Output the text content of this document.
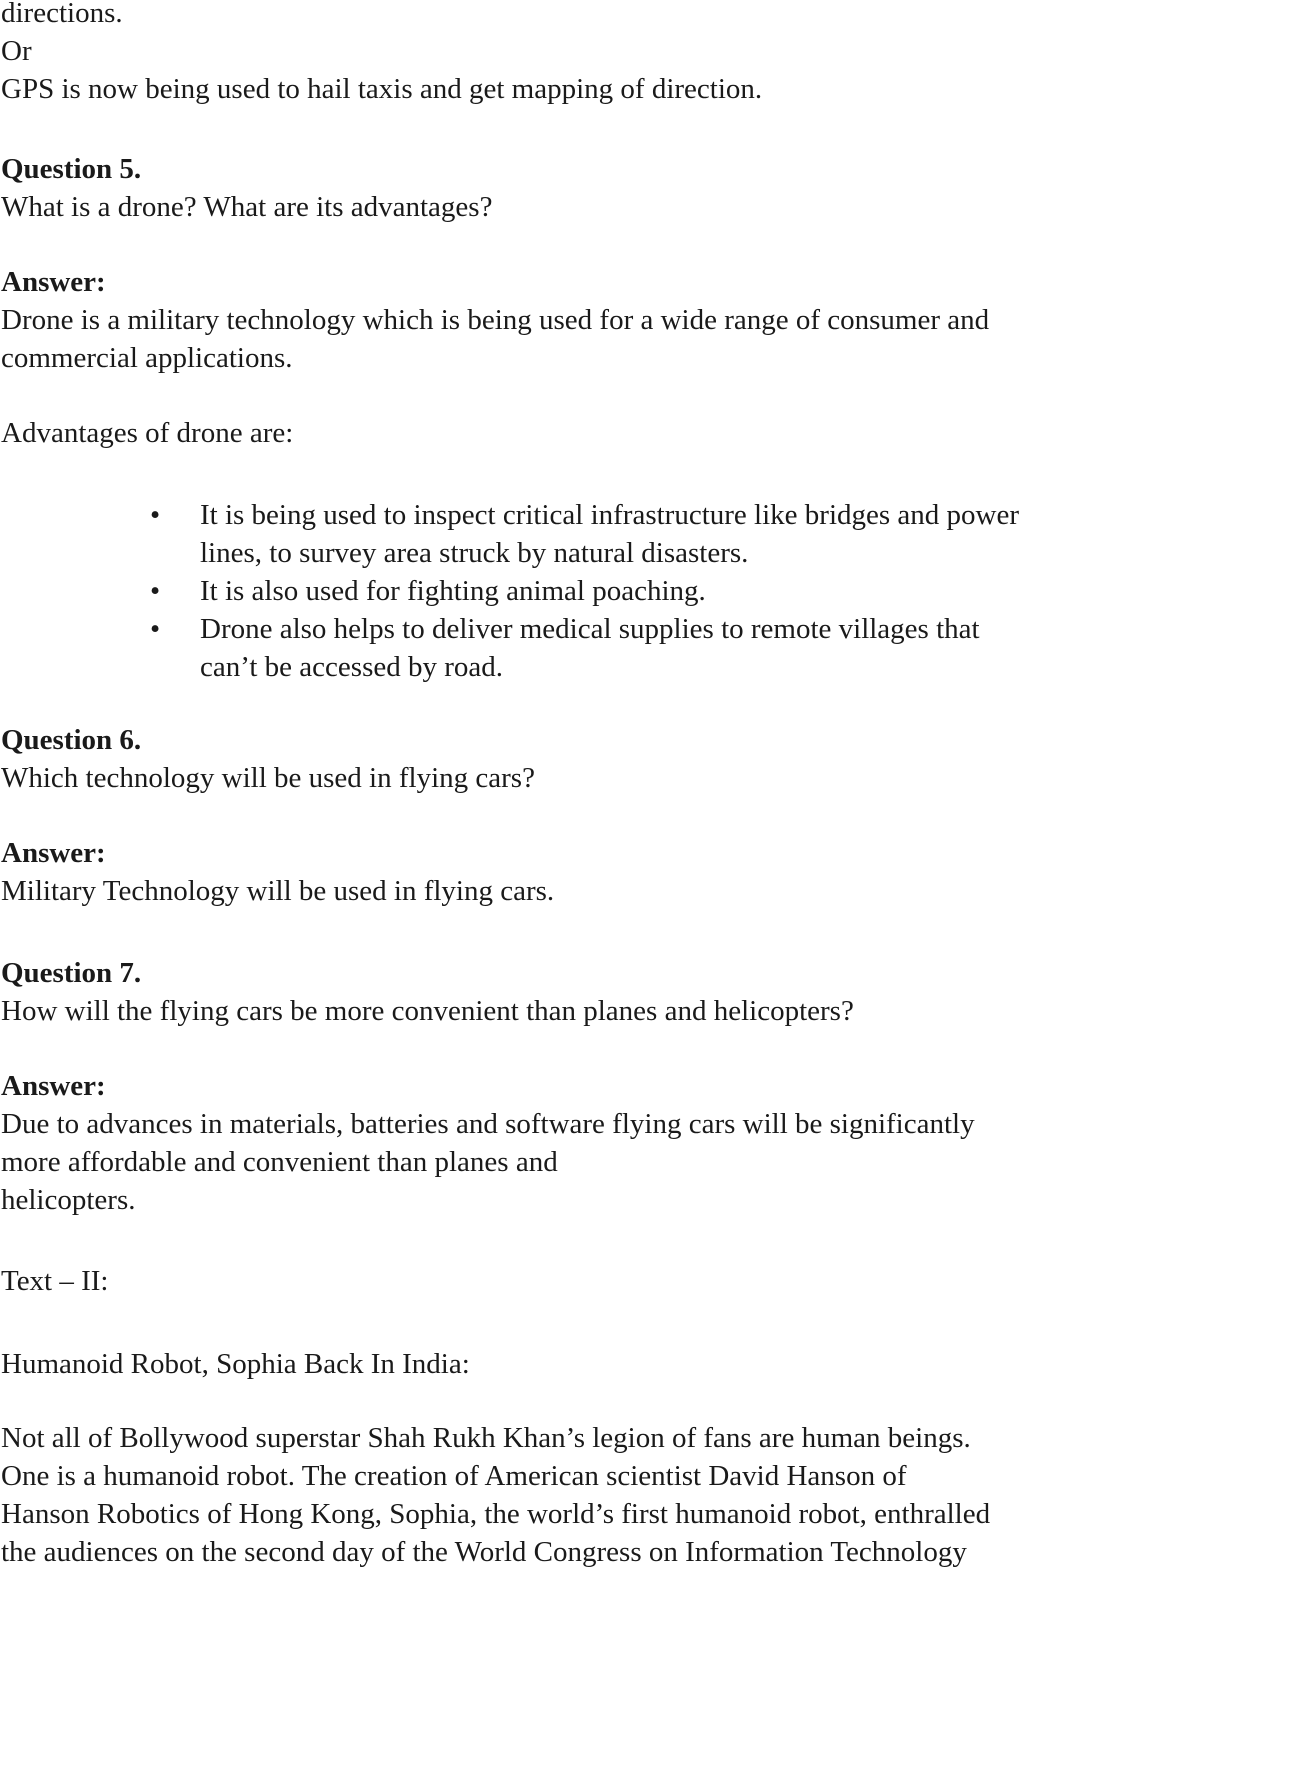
directions.
Or
GPS is now being used to hail taxis and get mapping of direction.
Question 5.
What is a drone? What are its advantages?
Answer:
Drone is a military technology which is being used for a wide range of consumer and
commercial applications.
Advantages of drone are:
• It is being used to inspect critical infrastructure like bridges and power
lines, to survey area struck by natural disasters.
• It is also used for fighting animal poaching.
• Drone also helps to deliver medical supplies to remote villages that
can’t be accessed by road.
Question 6.
Which technology will be used in flying cars?
Answer:
Military Technology will be used in flying cars.
Question 7.
How will the flying cars be more convenient than planes and helicopters?
Answer:
Due to advances in materials, batteries and software flying cars will be significantly
more affordable and convenient than planes and
helicopters.
Text – II:
Humanoid Robot, Sophia Back In India:
Not all of Bollywood superstar Shah Rukh Khan’s legion of fans are human beings.
One is a humanoid robot. The creation of American scientist David Hanson of
Hanson Robotics of Hong Kong, Sophia, the world’s first humanoid robot, enthralled
the audiences on the second day of the World Congress on Information Technology
